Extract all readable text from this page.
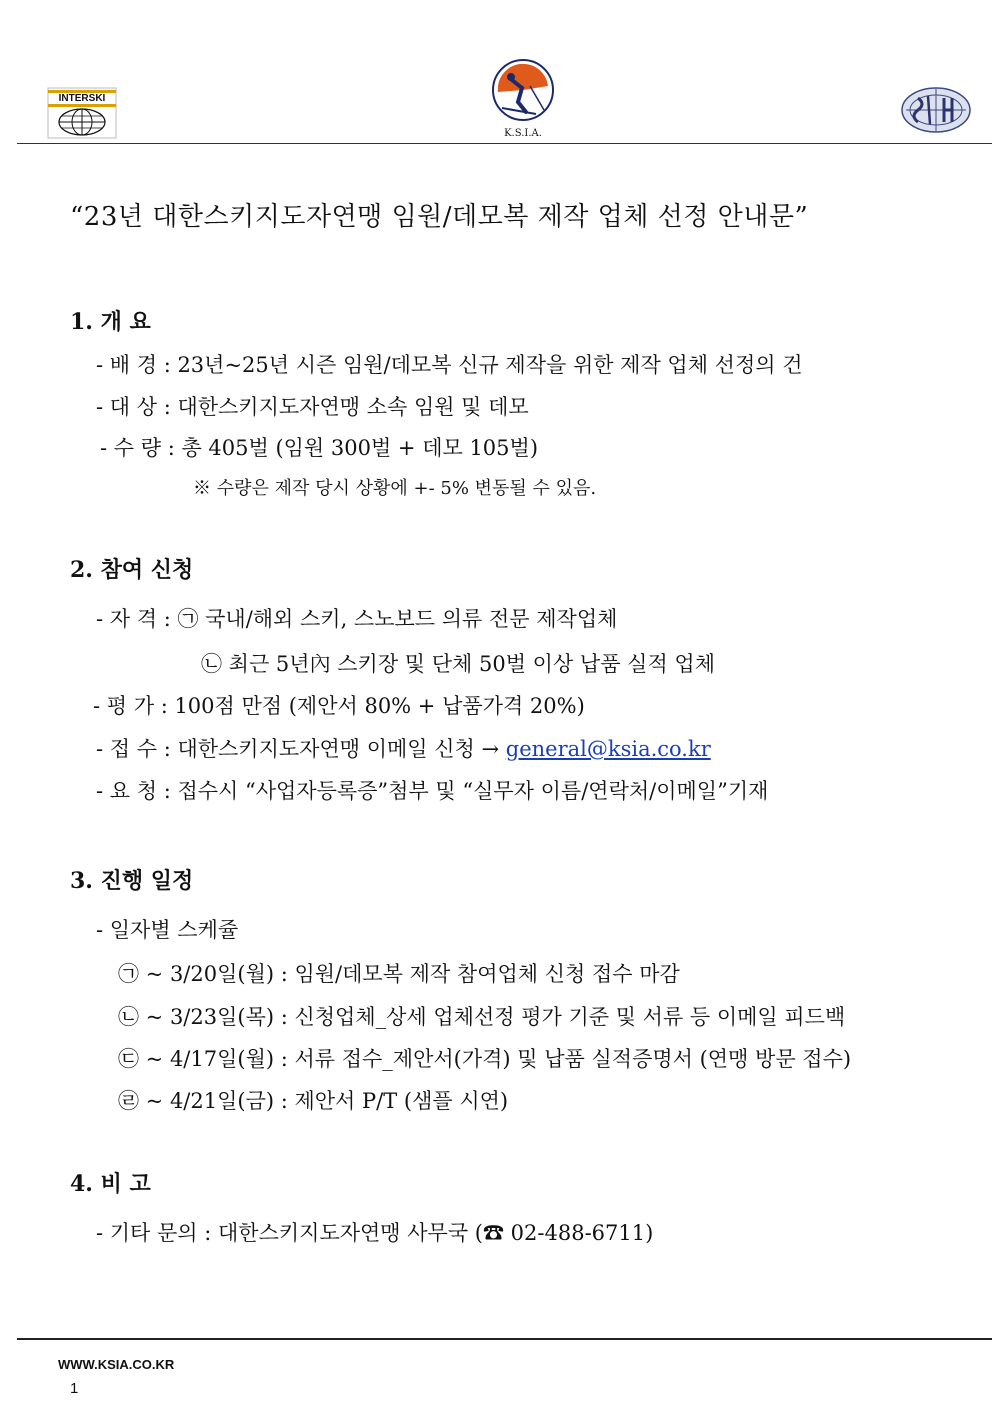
INTERSKI
K.S.I.A.
“23년 대한스키지도자연맹 임원/데모복 제작 업체 선정 안내문”
1. 개 요
- 배 경 : 23년~25년 시즌 임원/데모복 신규 제작을 위한 제작 업체 선정의 건
- 대 상 : 대한스키지도자연맹 소속 임원 및 데모
- 수 량 : 총 405벌 (임원 300벌 + 데모 105벌)
※ 수량은 제작 당시 상황에 +- 5% 변동될 수 있음.
2. 참여 신청
- 자 격 : ㉠ 국내/해외 스키, 스노보드 의류 전문 제작업체
㉡ 최근 5년內 스키장 및 단체 50벌 이상 납품 실적 업체
- 평 가 : 100점 만점 (제안서 80% + 납품가격 20%)
- 접 수 : 대한스키지도자연맹 이메일 신청 → general@ksia.co.kr
- 요 청 : 접수시 “사업자등록증”첨부 및 “실무자 이름/연락처/이메일”기재
3. 진행 일정
- 일자별 스케쥴
㉠ ~ 3/20일(월) : 임원/데모복 제작 참여업체 신청 접수 마감
㉡ ~ 3/23일(목) : 신청업체_상세 업체선정 평가 기준 및 서류 등 이메일 피드백
㉢ ~ 4/17일(월) : 서류 접수_제안서(가격) 및 납품 실적증명서 (연맹 방문 접수)
㉣ ~ 4/21일(금) : 제안서 P/T (샘플 시연)
4. 비 고
- 기타 문의 : 대한스키지도자연맹 사무국 (☎ 02-488-6711)
WWW.KSIA.CO.KR
1
